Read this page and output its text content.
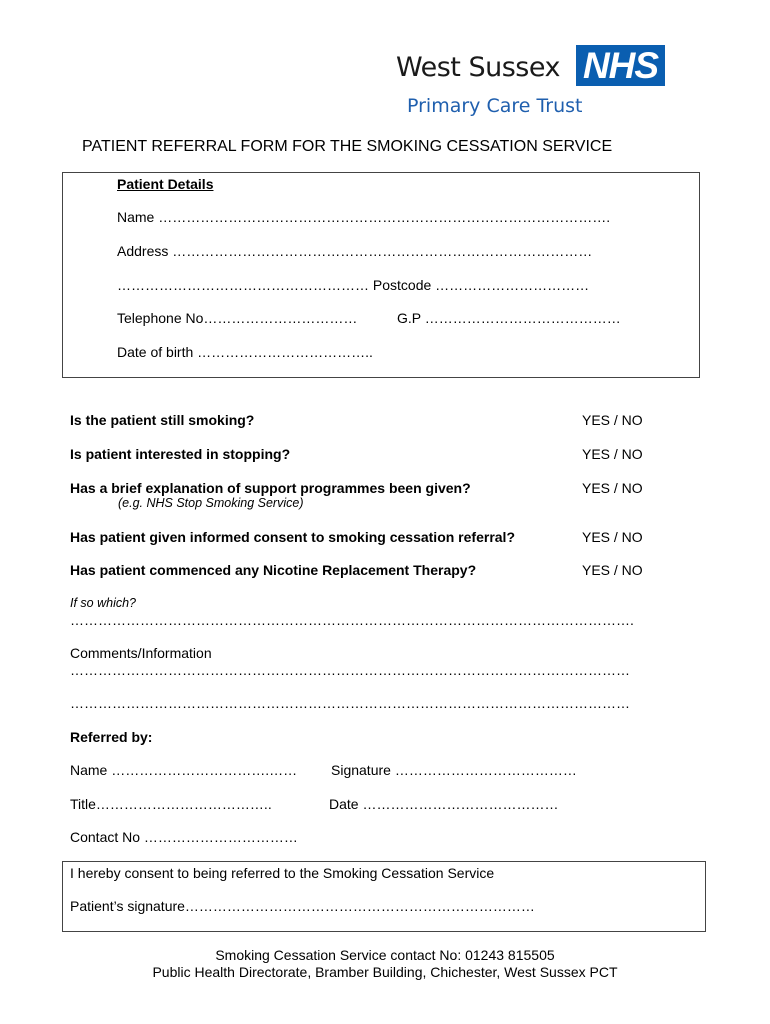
West Sussex NHS
Primary Care Trust
PATIENT REFERRAL FORM FOR THE SMOKING CESSATION SERVICE
Patient Details
Name …………………………………………………………………………………….
Address ………………………………………………………………………………
……………………………………………… Postcode ……………………………
Telephone No……………………………	G.P ……………………………………
Date of birth ………………………………..
Is the patient still smoking?	YES / NO
Is patient interested in stopping?	YES / NO
Has a brief explanation of support programmes been given?	YES / NO
(e.g. NHS Stop Smoking Service)
Has patient given informed consent to smoking cessation referral?	YES / NO
Has patient commenced any Nicotine Replacement Therapy?	YES / NO
If so which?
………………………………………………………………………………………………………….
Comments/Information
…………………………………………………………………………………………………………
…………………………………………………………………………………………………………
Referred by:
Name …………………………….…… Signature …………………………………
Title………………………………..	Date ……………………………………
Contact No ……………………………
I hereby consent to being referred to the Smoking Cessation Service
Patient’s signature…………………………………………………………………
Smoking Cessation Service contact No: 01243 815505
Public Health Directorate, Bramber Building, Chichester, West Sussex PCT
